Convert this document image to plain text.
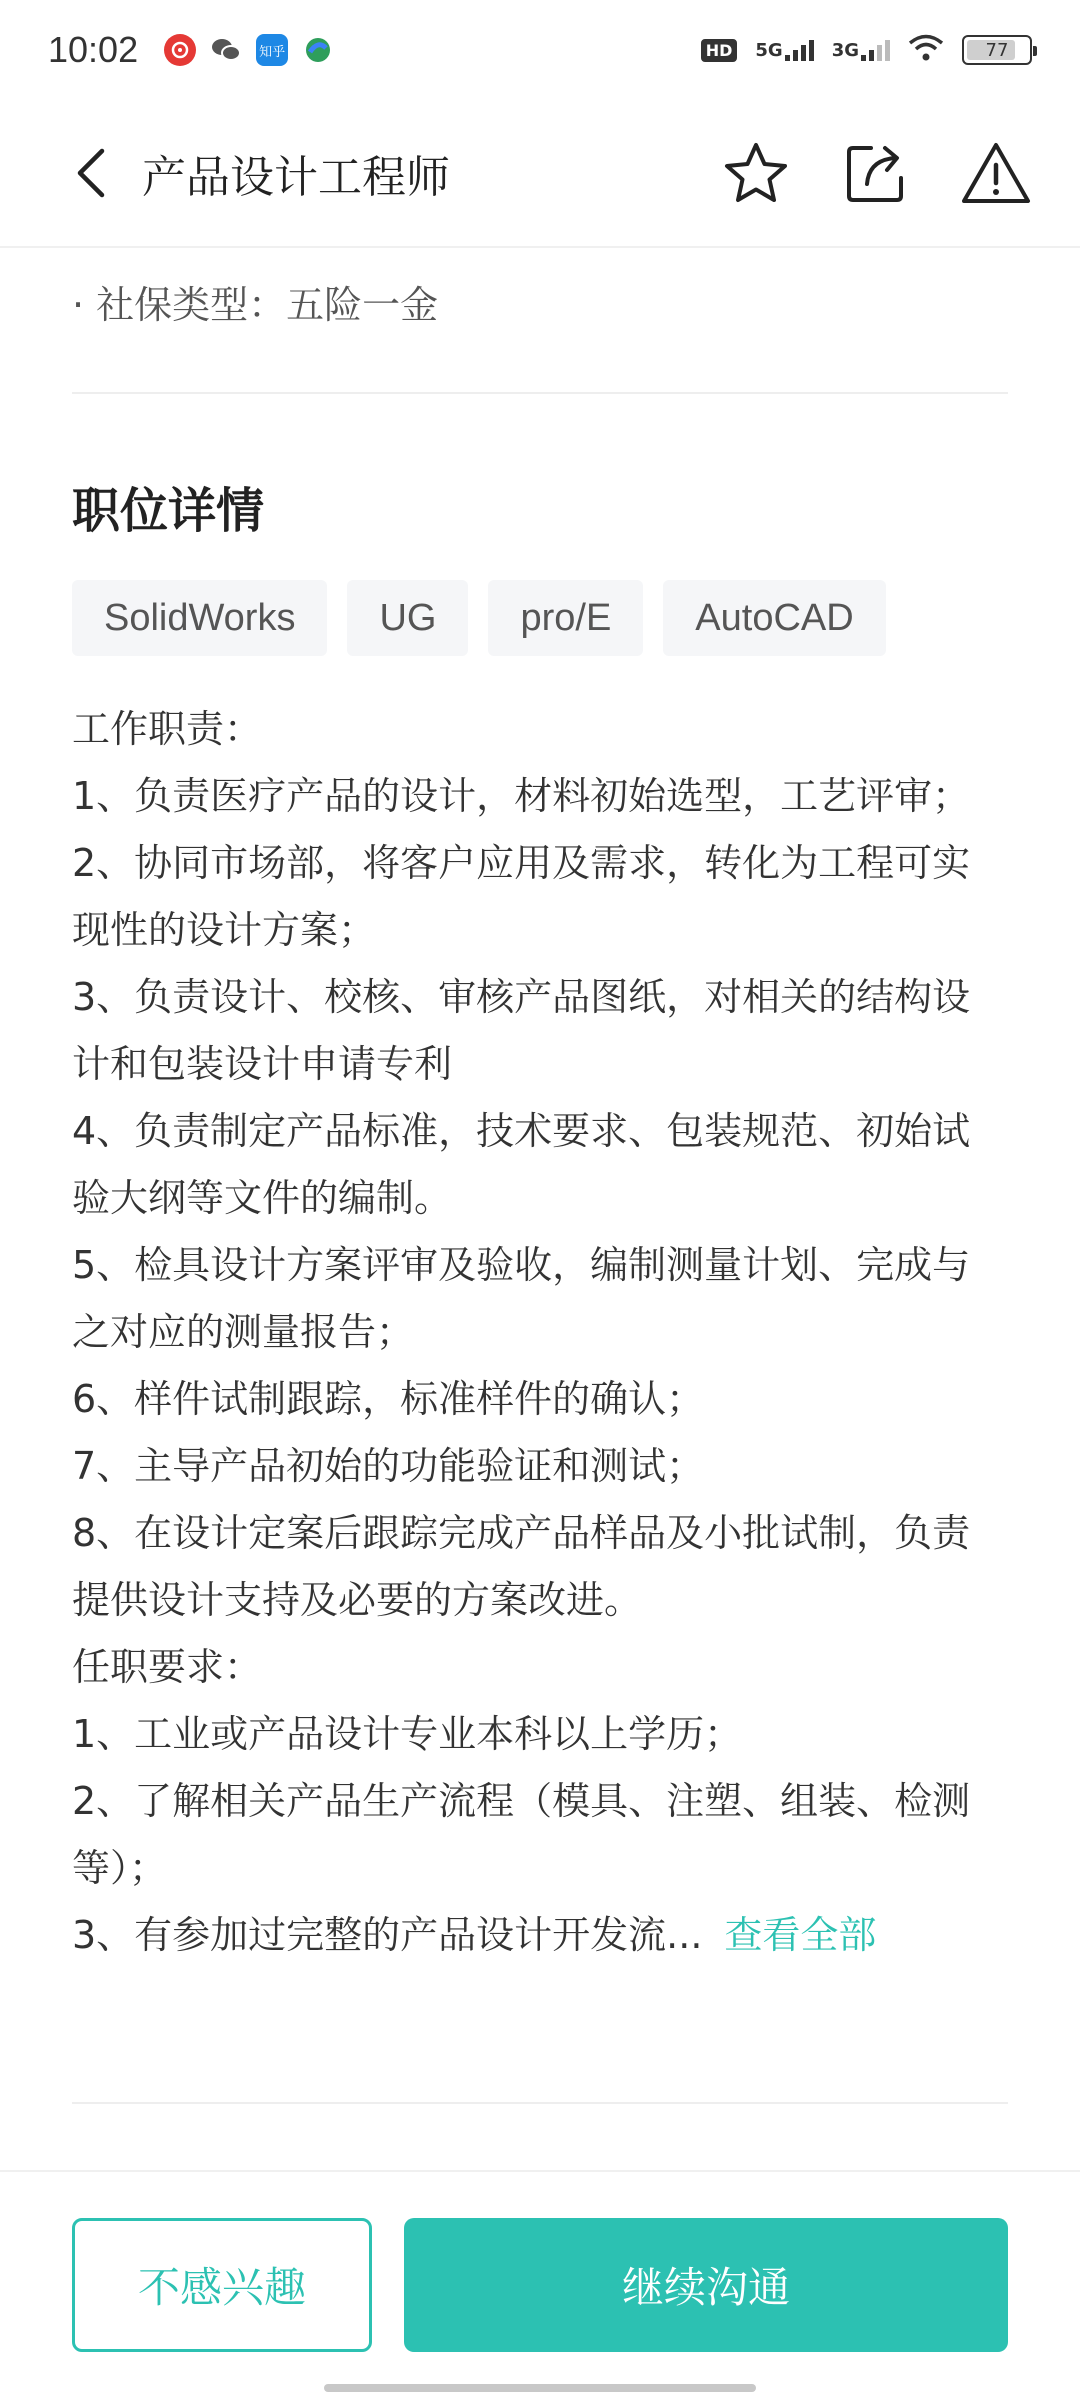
10:02	知乎	HD 5G	3G	77
产品设计工程师
· 社保类型：五险一金
职位详情
SolidWorks	UG	pro/E	AutoCAD

工作职责：

1、负责医疗产品的设计，材料初始选型，工艺评审；

2、协同市场部，将客户应用及需求，转化为工程可实现性的设计方案；

3、负责设计、校核、审核产品图纸，对相关的结构设计和包装设计申请专利

4、负责制定产品标准，技术要求、包装规范、初始试验大纲等文件的编制。

5、检具设计方案评审及验收，编制测量计划、完成与之对应的测量报告；

6、样件试制跟踪，标准样件的确认；

7、主导产品初始的功能验证和测试；

8、在设计定案后跟踪完成产品样品及小批试制，负责提供设计支持及必要的方案改进。

任职要求：

1、工业或产品设计专业本科以上学历；

2、了解相关产品生产流程（模具、注塑、组装、检测等）；

3、有参加过完整的产品设计开发流... 查看全部

不感兴趣	继续沟通
